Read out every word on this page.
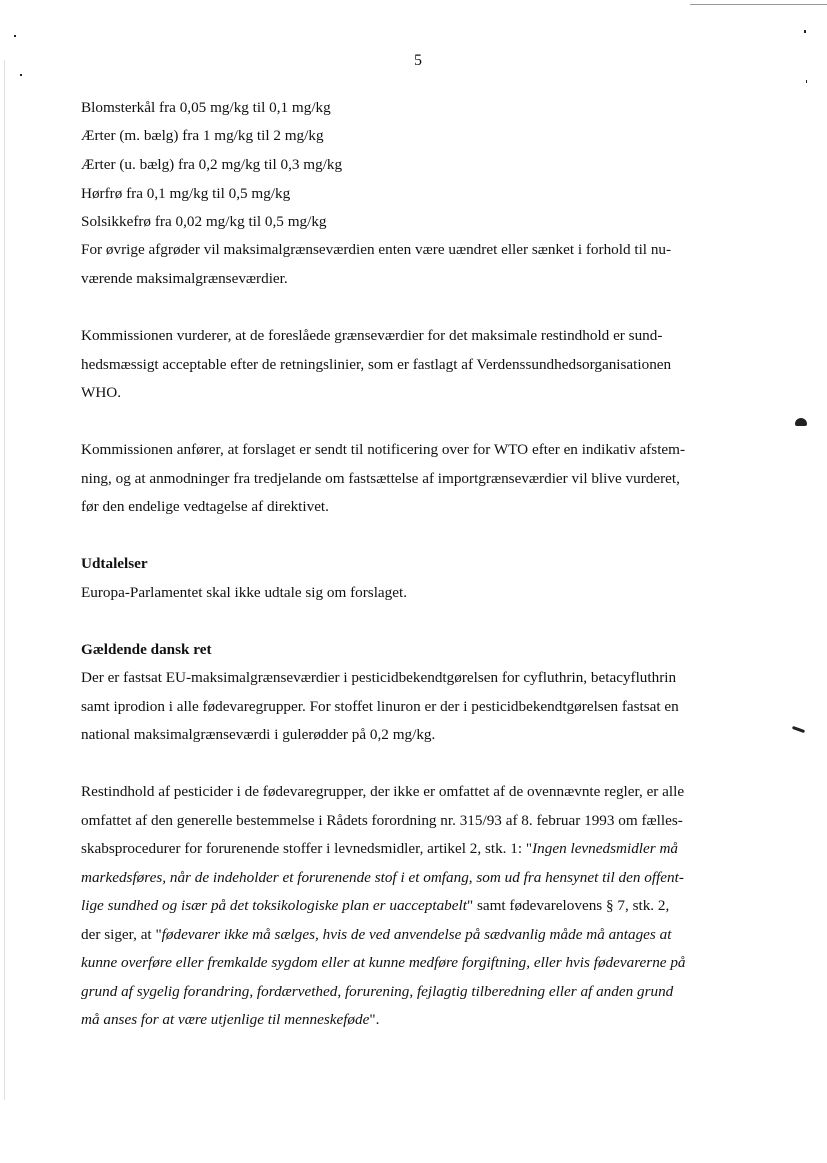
5
Blomsterkål fra 0,05 mg/kg til 0,1 mg/kg
Ærter (m. bælg) fra 1 mg/kg til 2 mg/kg
Ærter (u. bælg) fra 0,2 mg/kg til 0,3 mg/kg
Hørfrø fra 0,1 mg/kg til 0,5 mg/kg
Solsikkefrø fra 0,02 mg/kg til 0,5 mg/kg
For øvrige afgrøder vil maksimalgrænseværdien enten være uændret eller sænket i forhold til nu-
værende maksimalgrænseværdier.
Kommissionen vurderer, at de foreslåede grænseværdier for det maksimale restindhold er sund-
hedsmæssigt acceptable efter de retningslinier, som er fastlagt af Verdenssundhedsorganisationen
WHO.
Kommissionen anfører, at forslaget er sendt til notificering over for WTO efter en indikativ afstem-
ning, og at anmodninger fra tredjelande om fastsættelse af importgrænseværdier vil blive vurderet,
før den endelige vedtagelse af direktivet.
Udtalelser
Europa-Parlamentet skal ikke udtale sig om forslaget.
Gældende dansk ret
Der er fastsat EU-maksimalgrænseværdier i pesticidbekendtgørelsen for cyfluthrin, betacyfluthrin
samt iprodion i alle fødevaregrupper. For stoffet linuron er der i pesticidbekendtgørelsen fastsat en
national maksimalgrænseværdi i gulerødder på 0,2 mg/kg.
Restindhold af pesticider i de fødevaregrupper, der ikke er omfattet af de ovennævnte regler, er alle
omfattet af den generelle bestemmelse i Rådets forordning nr. 315/93 af 8. februar 1993 om fælles-
skabsprocedurer for forurenende stoffer i levnedsmidler, artikel 2, stk. 1: "Ingen levnedsmidler må
markedsføres, når de indeholder et forurenende stof i et omfang, som ud fra hensynet til den offent-
lige sundhed og især på det toksikologiske plan er uacceptabelt" samt fødevarelovens § 7, stk. 2,
der siger, at "fødevarer ikke må sælges, hvis de ved anvendelse på sædvanlig måde må antages at
kunne overføre eller fremkalde sygdom eller at kunne medføre forgiftning, eller hvis fødevarerne på
grund af sygelig forandring, fordærvethed, forurening, fejlagtig tilberedning eller af anden grund
må anses for at være utjenlige til menneskeføde".
